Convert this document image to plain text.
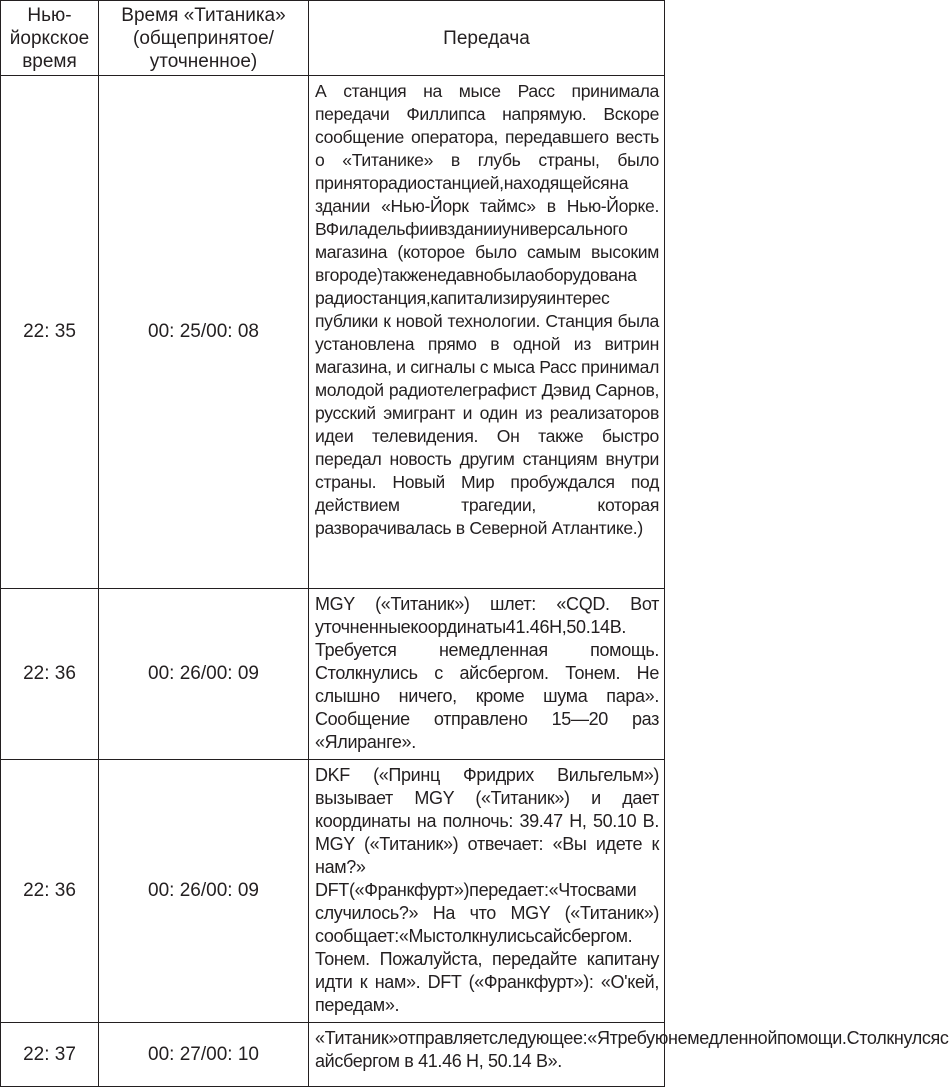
Нью-йоркское время	Время «Титаника» (общепринятое/ уточненное)	Передача
22: 35	00: 25/00: 08	А станция на мысе Расс принимала передачи Филлипса напрямую. Вскоре сообщение оператора, передавшего весть о «Титанике» в глубь страны, было приняторадиостанцией,находящейсяна здании «Нью-Йорк таймс» в Нью-Йорке. ВФиладельфиивзданииуниверсального магазина (которое было самым высоким вгороде)такженедавнобылаоборудована радиостанция,капитализируяинтерес публики к новой технологии. Станция была установлена прямо в одной из витрин магазина, и сигналы с мыса Расс принимал молодой радиотелеграфист Дэвид Сарнов, русский эмигрант и один из реализаторов идеи телевидения. Он также быстро передал новость другим станциям внутри страны. Новый Мир пробуждался под действием трагедии, которая разворачивалась в Северной Атлантике.)
22: 36	00: 26/00: 09	MGY («Титаник») шлет: «CQD. Вот уточненныекоординаты41.46Н,50.14В. Требуется немедленная помощь. Столкнулись с айсбергом. Тонем. Не слышно ничего, кроме шума пара». Сообщение отправлено 15—20 раз «Ялиранге».
22: 36	00: 26/00: 09	DKF («Принц Фридрих Вильгельм») вызывает MGY («Титаник») и дает координаты на полночь: 39.47 Н, 50.10 В. MGY («Титаник») отвечает: «Вы идете к нам?» DFT(«Франкфурт»)передает:«Чтосвами случилось?» На что MGY («Титаник») сообщает:«Мыстолкнулисьсайсбергом. Тонем. Пожалуйста, передайте капитану идти к нам». DFT («Франкфурт»): «О'кей, передам».
22: 37	00: 27/00: 10	«Титаник»отправляетследующее:«Ятребуюнемедленнойпомощи.Столкнулсяс айсбергом в 41.46 Н, 50.14 В».
